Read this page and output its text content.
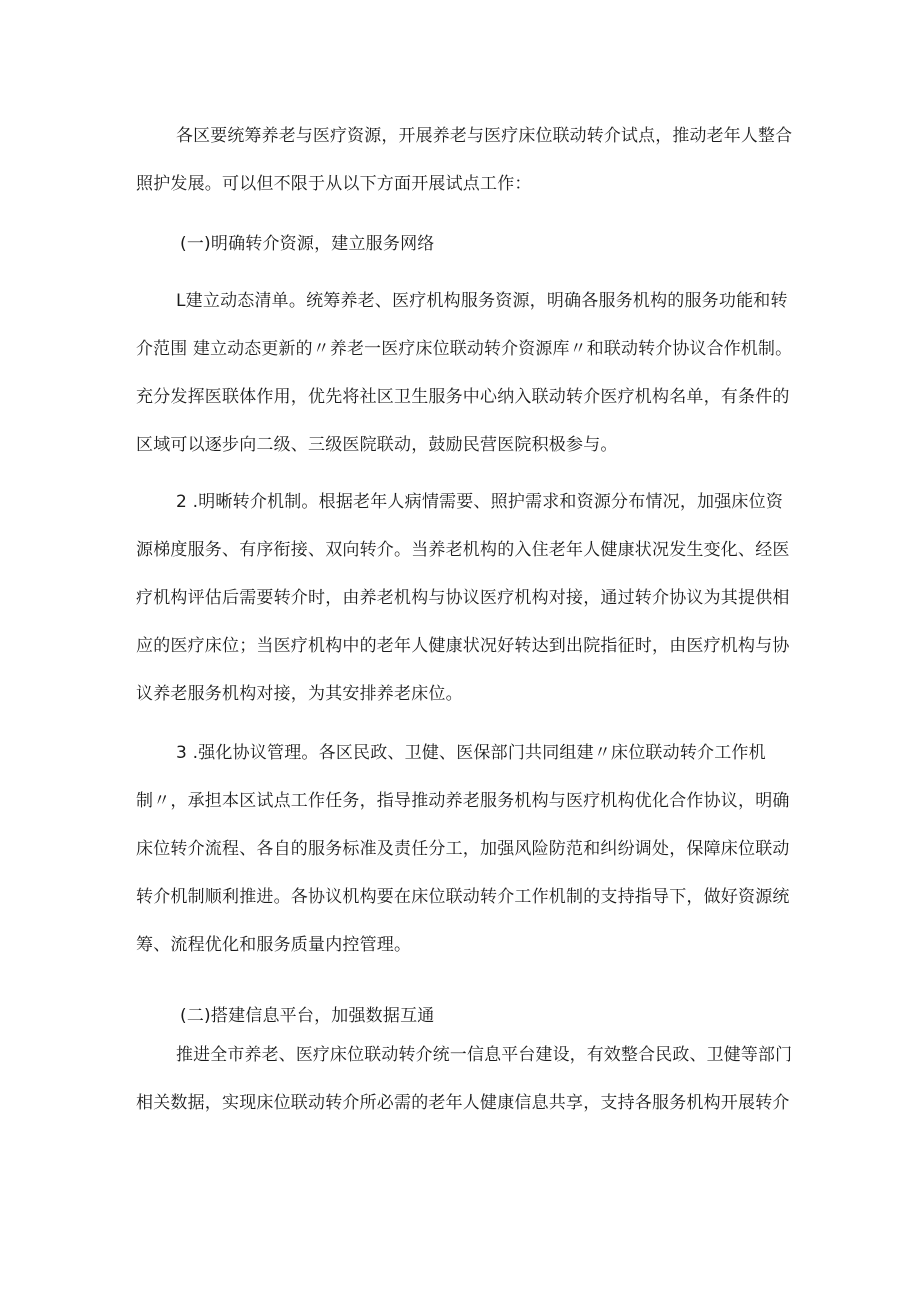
各区要统筹养老与医疗资源，开展养老与医疗床位联动转介试点，推动老年人整合
照护发展。可以但不限于从以下方面开展试点工作：
(一)明确转介资源，建立服务网络
L建立动态清单。统筹养老、医疗机构服务资源，明确各服务机构的服务功能和转
介范围 建立动态更新的〃养老一医疗床位联动转介资源库〃和联动转介协议合作机制。
充分发挥医联体作用，优先将社区卫生服务中心纳入联动转介医疗机构名单，有条件的
区域可以逐步向二级、三级医院联动，鼓励民营医院积极参与。
2 .明晰转介机制。根据老年人病情需要、照护需求和资源分布情况，加强床位资
源梯度服务、有序衔接、双向转介。当养老机构的入住老年人健康状况发生变化、经医
疗机构评估后需要转介时，由养老机构与协议医疗机构对接，通过转介协议为其提供相
应的医疗床位；当医疗机构中的老年人健康状况好转达到出院指征时，由医疗机构与协
议养老服务机构对接，为其安排养老床位。
3 .强化协议管理。各区民政、卫健、医保部门共同组建〃床位联动转介工作机
制〃，承担本区试点工作任务，指导推动养老服务机构与医疗机构优化合作协议，明确
床位转介流程、各自的服务标准及责任分工，加强风险防范和纠纷调处，保障床位联动
转介机制顺利推进。各协议机构要在床位联动转介工作机制的支持指导下，做好资源统
筹、流程优化和服务质量内控管理。
(二)搭建信息平台，加强数据互通
推进全市养老、医疗床位联动转介统一信息平台建设，有效整合民政、卫健等部门
相关数据，实现床位联动转介所必需的老年人健康信息共享，支持各服务机构开展转介
